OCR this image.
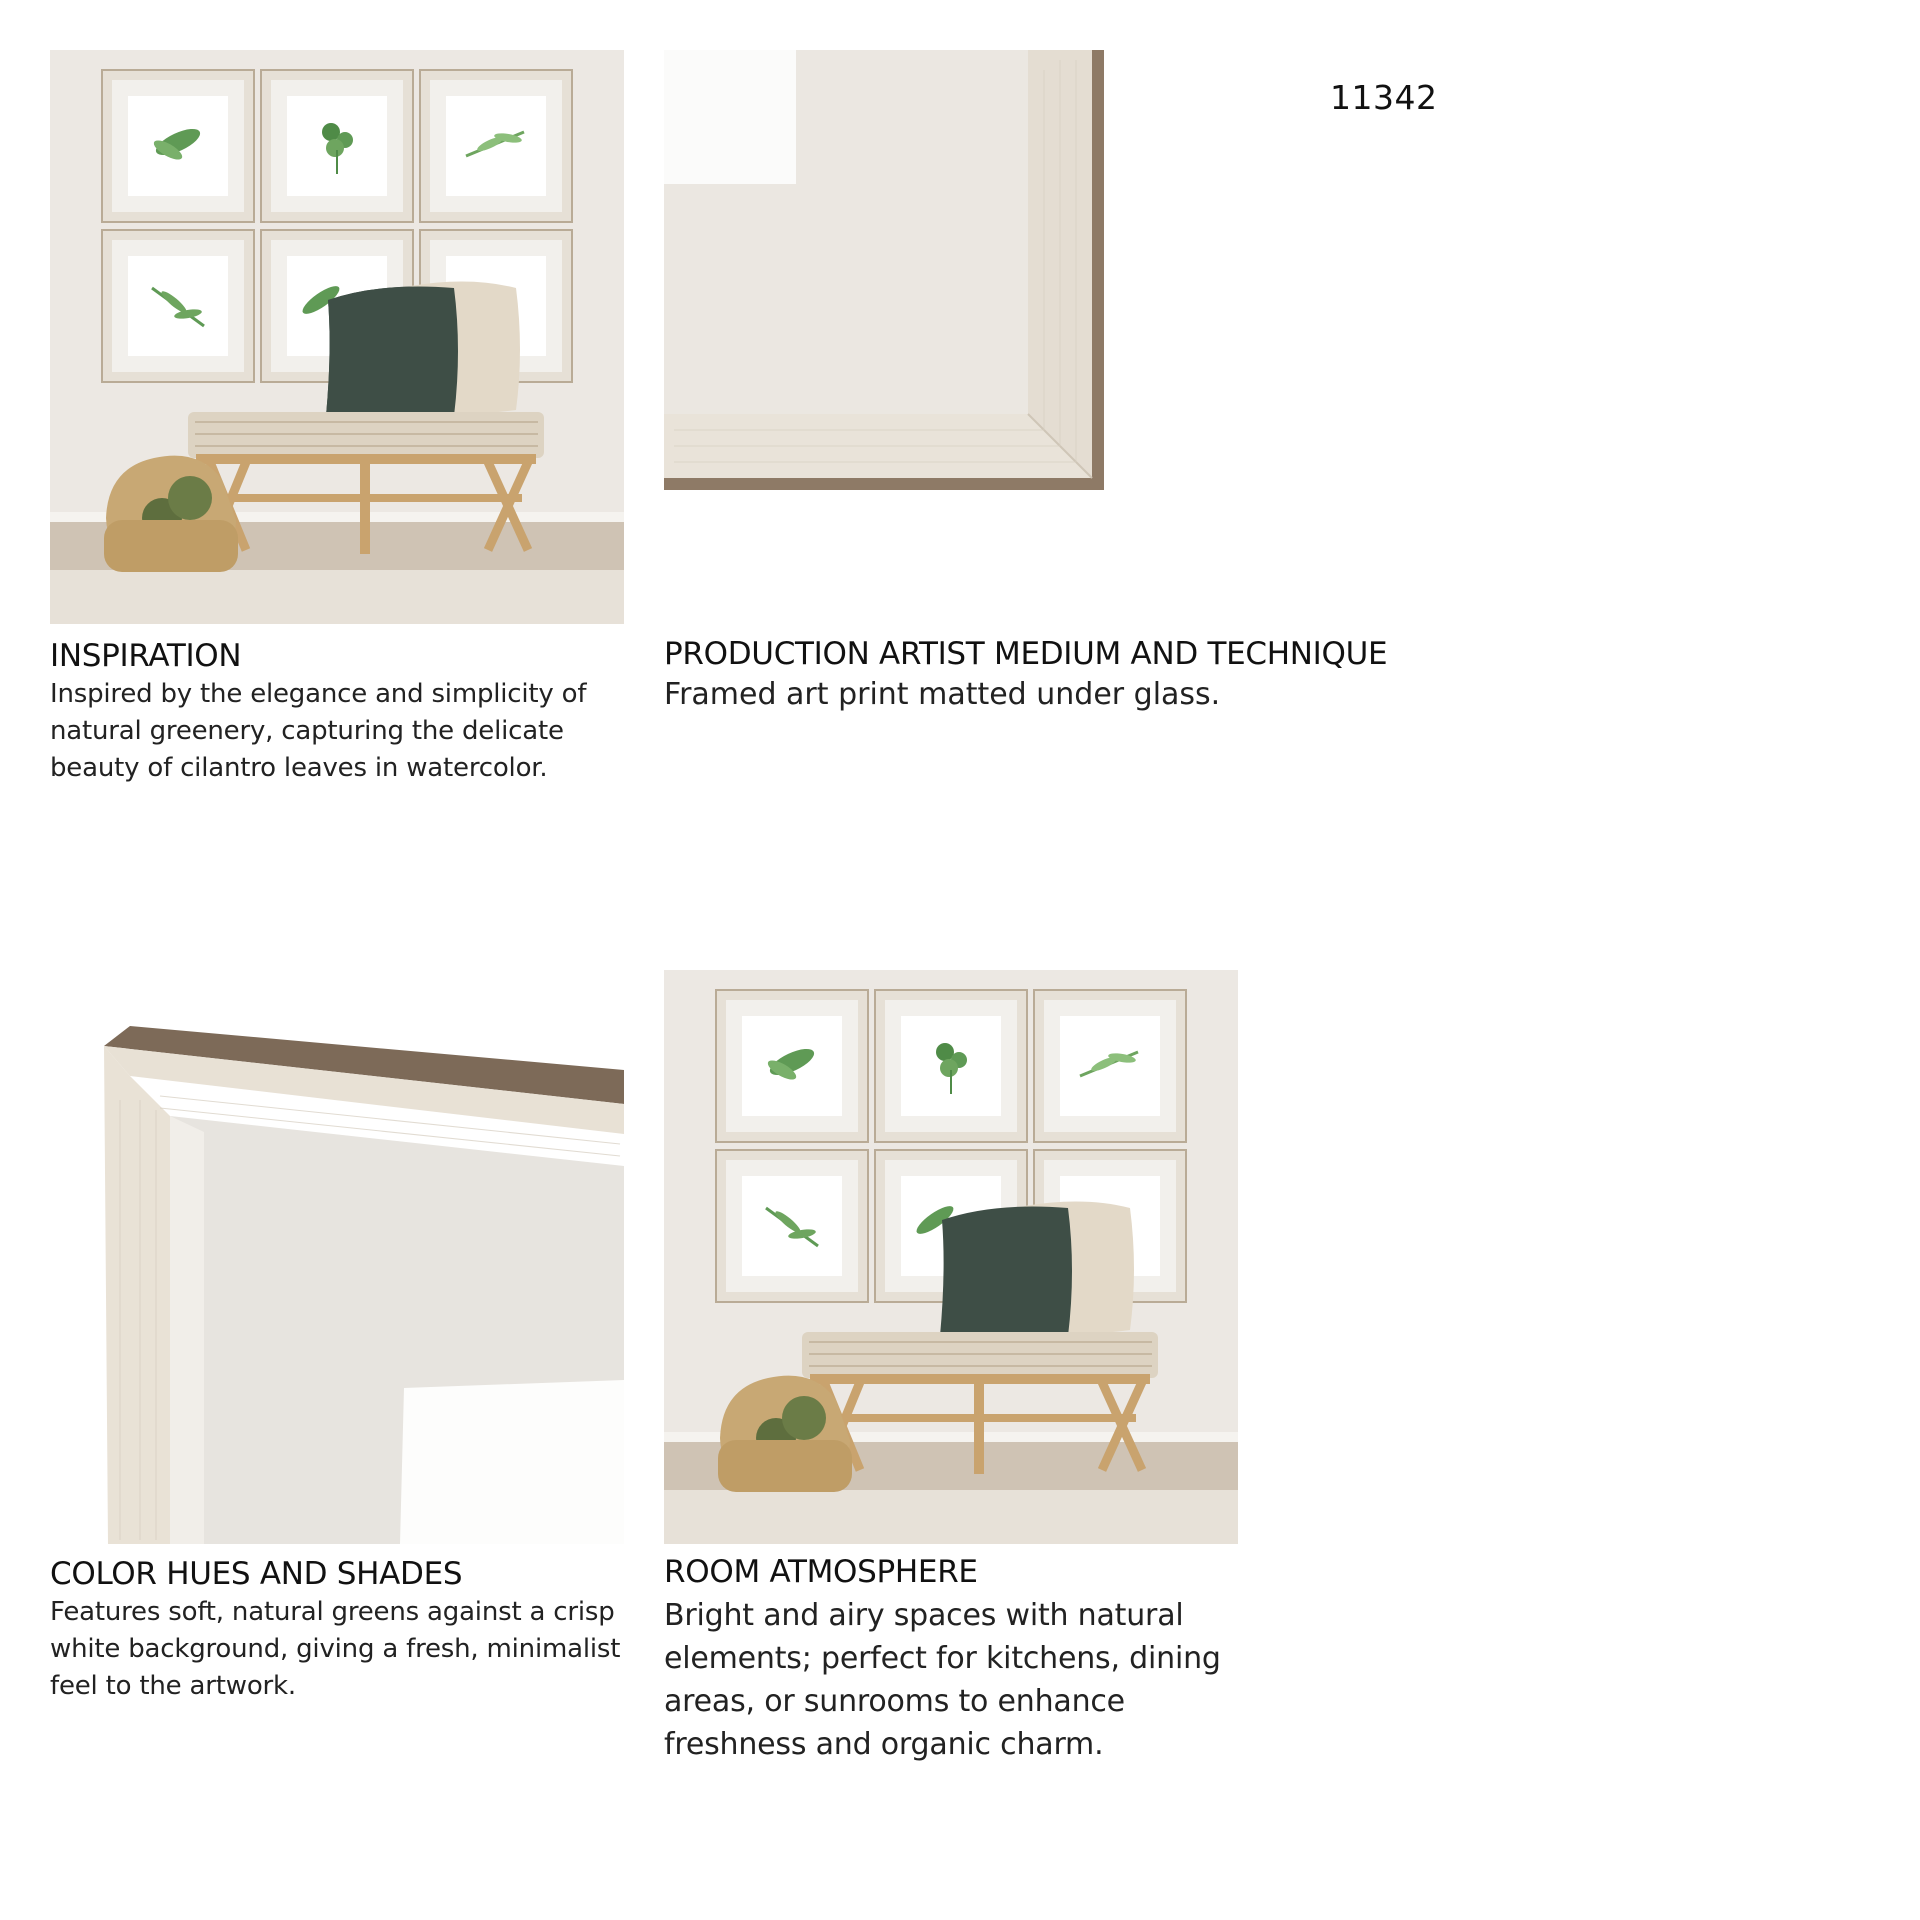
11342
INSPIRATION
Inspired by the elegance and simplicity of natural greenery, capturing the delicate beauty of cilantro leaves in watercolor.
PRODUCTION ARTIST MEDIUM AND TECHNIQUE
Framed art print matted under glass.
COLOR HUES AND SHADES
Features soft, natural greens against a crisp white background, giving a fresh, minimalist feel to the artwork.
ROOM ATMOSPHERE
Bright and airy spaces with natural elements; perfect for kitchens, dining areas, or sunrooms to enhance freshness and organic charm.
